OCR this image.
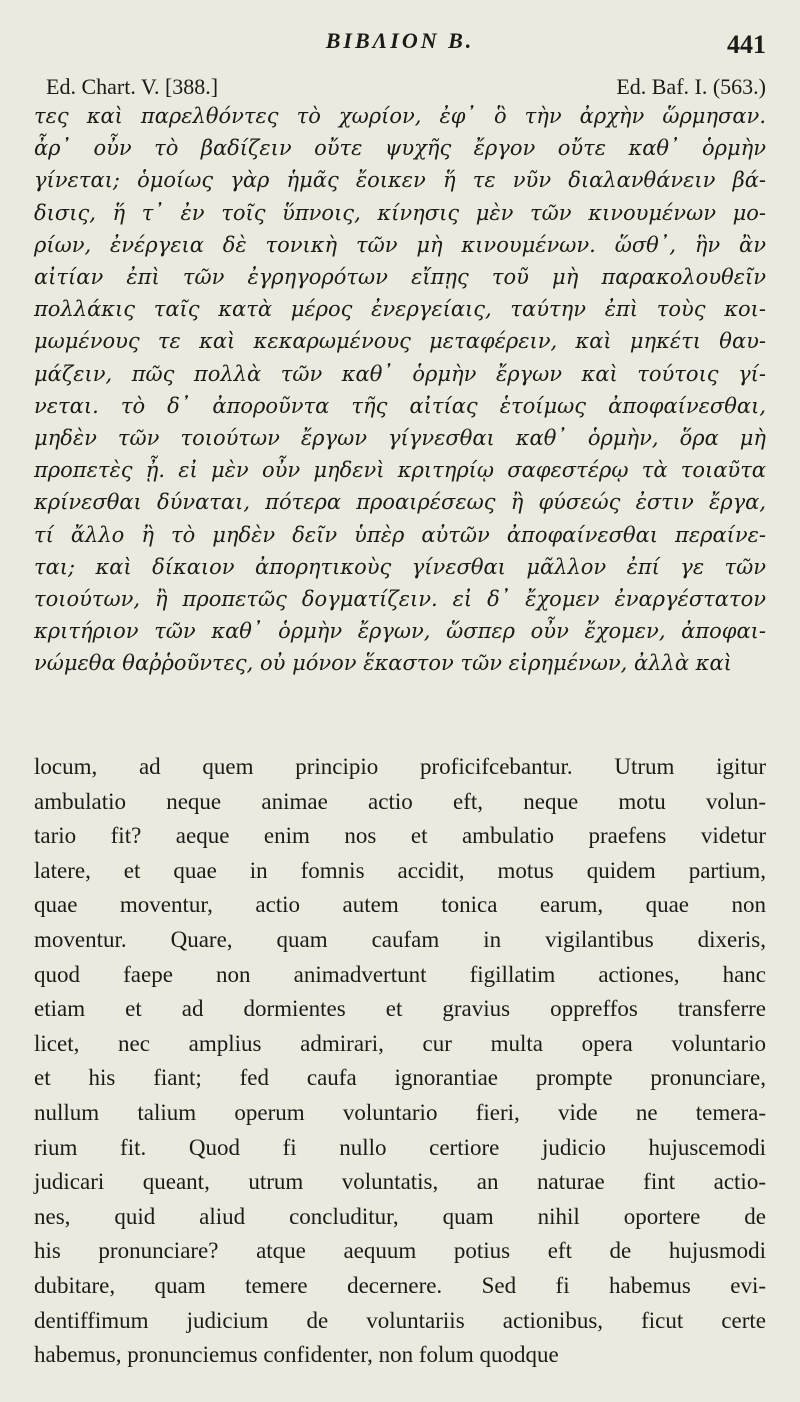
BIBΛΙΟΝ B.	441
Ed. Chart. V. [388.]	Ed. Baf. I. (563.)
τες καὶ παρελθόντες τὸ χωρίον, ἐφ᾽ ὃ τὴν ἀρχὴν ὥρμησαν.
ἆρ᾽ οὖν τὸ βαδίζειν οὔτε ψυχῆς ἔργον οὔτε καθ᾽ ὁρμὴν
γίνεται; ὁμοίως γὰρ ἡμᾶς ἔοικεν ἥ τε νῦν διαλανθάνειν βά-
δισις, ἥ τ᾽ ἐν τοῖς ὕπνοις, κίνησις μὲν τῶν κινουμένων μο-
ρίων, ἐνέργεια δὲ τονικὴ τῶν μὴ κινουμένων. ὥσθ᾽, ἣν ἂν
αἰτίαν ἐπὶ τῶν ἐγρηγορότων εἴπῃς τοῦ μὴ παρακολουθεῖν
πολλάκις ταῖς κατὰ μέρος ἐνεργείαις, ταύτην ἐπὶ τοὺς κοι-
μωμένους τε καὶ κεκαρωμένους μεταφέρειν, καὶ μηκέτι θαυ-
μάζειν, πῶς πολλὰ τῶν καθ᾽ ὁρμὴν ἔργων καὶ τούτοις γί-
νεται. τὸ δ᾽ ἀποροῦντα τῆς αἰτίας ἑτοίμως ἀποφαίνεσθαι,
μηδὲν τῶν τοιούτων ἔργων γίγνεσθαι καθ᾽ ὁρμὴν, ὅρα μὴ
προπετὲς ᾖ. εἰ μὲν οὖν μηδενὶ κριτηρίῳ σαφεστέρῳ τὰ τοιαῦτα
κρίνεσθαι δύναται, πότερα προαιρέσεως ἢ φύσεώς ἐστιν ἔργα,
τί ἄλλο ἢ τὸ μηδὲν δεῖν ὑπὲρ αὐτῶν ἀποφαίνεσθαι περαίνε-
ται; καὶ δίκαιον ἀπορητικοὺς γίνεσθαι μᾶλλον ἐπί γε τῶν
τοιούτων, ἢ προπετῶς δογματίζειν. εἰ δ᾽ ἔχομεν ἐναργέστατον
κριτήριον τῶν καθ᾽ ὁρμὴν ἔργων, ὥσπερ οὖν ἔχομεν, ἀποφαι-
νώμεθα θαῤῥοῦντες, οὐ μόνον ἕκαστον τῶν εἰρημένων, ἀλλὰ καὶ
locum, ad quem principio proficifcebantur. Utrum igitur
ambulatio neque animae actio eft, neque motu volun-
tario fit? aeque enim nos et ambulatio praefens videtur
latere, et quae in fomnis accidit, motus quidem partium,
quae moventur, actio autem tonica earum, quae non
moventur. Quare, quam caufam in vigilantibus dixeris,
quod faepe non animadvertunt figillatim actiones, hanc
etiam et ad dormientes et gravius oppreffos transferre
licet, nec amplius admirari, cur multa opera voluntario
et his fiant; fed caufa ignorantiae prompte pronunciare,
nullum talium operum voluntario fieri, vide ne temera-
rium fit. Quod fi nullo certiore judicio hujuscemodi
judicari queant, utrum voluntatis, an naturae fint actio-
nes, quid aliud concluditur, quam nihil oportere de
his pronunciare? atque aequum potius eft de hujusmodi
dubitare, quam temere decernere. Sed fi habemus evi-
dentiffimum judicium de voluntariis actionibus, ficut certe
habemus, pronunciemus confidenter, non folum quodque
